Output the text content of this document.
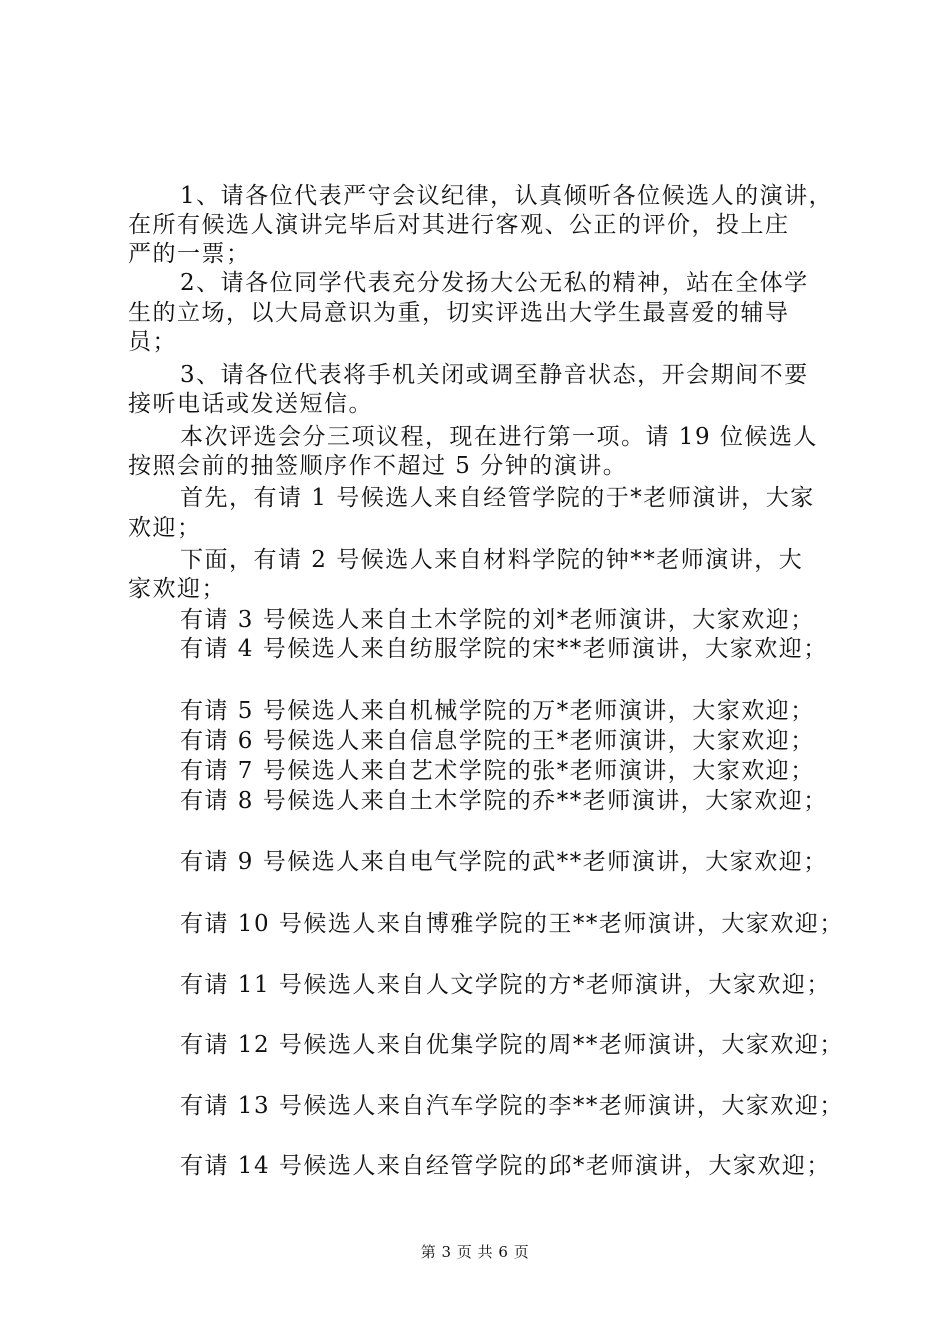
1、请各位代表严守会议纪律，认真倾听各位候选人的演讲，
在所有候选人演讲完毕后对其进行客观、公正的评价，投上庄
严的一票；
2、请各位同学代表充分发扬大公无私的精神，站在全体学
生的立场，以大局意识为重，切实评选出大学生最喜爱的辅导
员；
3、请各位代表将手机关闭或调至静音状态，开会期间不要
接听电话或发送短信。
本次评选会分三项议程，现在进行第一项。请 19 位候选人
按照会前的抽签顺序作不超过 5 分钟的演讲。
首先，有请 1 号候选人来自经管学院的于*老师演讲，大家
欢迎；
下面，有请 2 号候选人来自材料学院的钟**老师演讲，大
家欢迎；
有请 3 号候选人来自土木学院的刘*老师演讲，大家欢迎；
有请 4 号候选人来自纺服学院的宋**老师演讲，大家欢迎；
有请 5 号候选人来自机械学院的万*老师演讲，大家欢迎；
有请 6 号候选人来自信息学院的王*老师演讲，大家欢迎；
有请 7 号候选人来自艺术学院的张*老师演讲，大家欢迎；
有请 8 号候选人来自土木学院的乔**老师演讲，大家欢迎；
有请 9 号候选人来自电气学院的武**老师演讲，大家欢迎；
有请 10 号候选人来自博雅学院的王**老师演讲，大家欢迎；
有请 11 号候选人来自人文学院的方*老师演讲，大家欢迎；
有请 12 号候选人来自优集学院的周**老师演讲，大家欢迎；
有请 13 号候选人来自汽车学院的李**老师演讲，大家欢迎；
有请 14 号候选人来自经管学院的邱*老师演讲，大家欢迎；
第 3 页 共 6 页
